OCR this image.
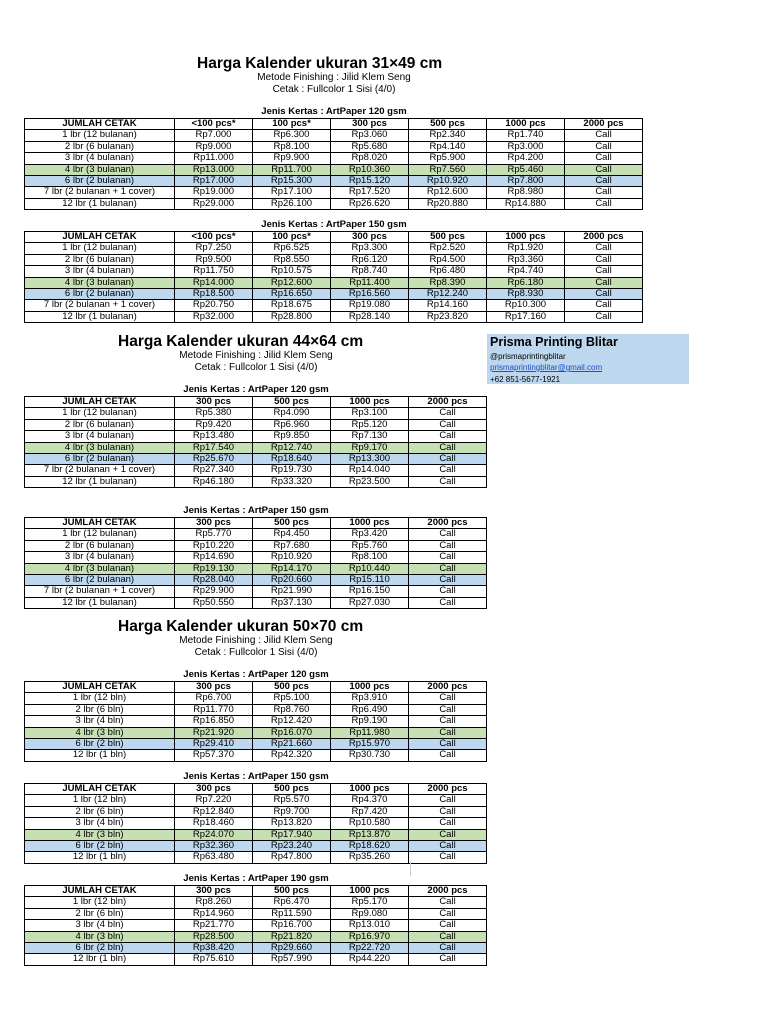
Harga Kalender ukuran 31×49 cm
Metode Finishing : Jilid Klem Seng
Cetak : Fullcolor 1 Sisi (4/0)
Jenis Kertas : ArtPaper 120 gsm
JUMLAH CETAK	<100 pcs*	100 pcs*	300 pcs	500 pcs	1000 pcs	2000 pcs
1 lbr (12 bulanan)	Rp7.000	Rp6.300	Rp3.060	Rp2.340	Rp1.740	Call
2 lbr (6 bulanan)	Rp9.000	Rp8.100	Rp5.680	Rp4.140	Rp3.000	Call
3 lbr (4 bulanan)	Rp11.000	Rp9.900	Rp8.020	Rp5.900	Rp4.200	Call
4 lbr (3 bulanan)	Rp13.000	Rp11.700	Rp10.360	Rp7.560	Rp5.460	Call
6 lbr (2 bulanan)	Rp17.000	Rp15.300	Rp15.120	Rp10.920	Rp7.800	Call
7 lbr (2 bulanan + 1 cover)	Rp19.000	Rp17.100	Rp17.520	Rp12.600	Rp8.980	Call
12 lbr (1 bulanan)	Rp29.000	Rp26.100	Rp26.620	Rp20.880	Rp14.880	Call
Jenis Kertas : ArtPaper 150 gsm
JUMLAH CETAK	<100 pcs*	100 pcs*	300 pcs	500 pcs	1000 pcs	2000 pcs
1 lbr (12 bulanan)	Rp7.250	Rp6.525	Rp3.300	Rp2.520	Rp1.920	Call
2 lbr (6 bulanan)	Rp9.500	Rp8.550	Rp6.120	Rp4.500	Rp3.360	Call
3 lbr (4 bulanan)	Rp11.750	Rp10.575	Rp8.740	Rp6.480	Rp4.740	Call
4 lbr (3 bulanan)	Rp14.000	Rp12.600	Rp11.400	Rp8.390	Rp6.180	Call
6 lbr (2 bulanan)	Rp18.500	Rp16.650	Rp16.560	Rp12.240	Rp8.930	Call
7 lbr (2 bulanan + 1 cover)	Rp20.750	Rp18.675	Rp19.080	Rp14.160	Rp10.300	Call
12 lbr (1 bulanan)	Rp32.000	Rp28.800	Rp28.140	Rp23.820	Rp17.160	Call
Harga Kalender ukuran 44×64 cm
Metode Finishing : Jilid Klem Seng
Cetak : Fullcolor 1 Sisi (4/0)
Jenis Kertas : ArtPaper 120 gsm
JUMLAH CETAK	300 pcs	500 pcs	1000 pcs	2000 pcs
1 lbr (12 bulanan)	Rp5.380	Rp4.090	Rp3.100	Call
2 lbr (6 bulanan)	Rp9.420	Rp6.960	Rp5.120	Call
3 lbr (4 bulanan)	Rp13.480	Rp9.850	Rp7.130	Call
4 lbr (3 bulanan)	Rp17.540	Rp12.740	Rp9.170	Call
6 lbr (2 bulanan)	Rp25.670	Rp18.640	Rp13.300	Call
7 lbr (2 bulanan + 1 cover)	Rp27.340	Rp19.730	Rp14.040	Call
12 lbr (1 bulanan)	Rp46.180	Rp33.320	Rp23.500	Call
Jenis Kertas : ArtPaper 150 gsm
JUMLAH CETAK	300 pcs	500 pcs	1000 pcs	2000 pcs
1 lbr (12 bulanan)	Rp5.770	Rp4.450	Rp3.420	Call
2 lbr (6 bulanan)	Rp10.220	Rp7.680	Rp5.760	Call
3 lbr (4 bulanan)	Rp14.690	Rp10.920	Rp8.100	Call
4 lbr (3 bulanan)	Rp19.130	Rp14.170	Rp10.440	Call
6 lbr (2 bulanan)	Rp28.040	Rp20.660	Rp15.110	Call
7 lbr (2 bulanan + 1 cover)	Rp29.900	Rp21.990	Rp16.150	Call
12 lbr (1 bulanan)	Rp50.550	Rp37.130	Rp27.030	Call
Prisma Printing Blitar
@prismaprintingblitar
prismaprintingblitar@gmail.com
+62 851-5677-1921
Harga Kalender ukuran 50×70 cm
Metode Finishing : Jilid Klem Seng
Cetak : Fullcolor 1 Sisi (4/0)
Jenis Kertas : ArtPaper 120 gsm
JUMLAH CETAK	300 pcs	500 pcs	1000 pcs	2000 pcs
1 lbr (12 bln)	Rp6.700	Rp5.100	Rp3.910	Call
2 lbr (6 bln)	Rp11.770	Rp8.760	Rp6.490	Call
3 lbr (4 bln)	Rp16.850	Rp12.420	Rp9.190	Call
4 lbr (3 bln)	Rp21.920	Rp16.070	Rp11.980	Call
6 lbr (2 bln)	Rp29.410	Rp21.660	Rp15.970	Call
12 lbr (1 bln)	Rp57.370	Rp42.320	Rp30.730	Call
Jenis Kertas : ArtPaper 150 gsm
JUMLAH CETAK	300 pcs	500 pcs	1000 pcs	2000 pcs
1 lbr (12 bln)	Rp7.220	Rp5.570	Rp4.370	Call
2 lbr (6 bln)	Rp12.840	Rp9.700	Rp7.420	Call
3 lbr (4 bln)	Rp18.460	Rp13.820	Rp10.580	Call
4 lbr (3 bln)	Rp24.070	Rp17.940	Rp13.870	Call
6 lbr (2 bln)	Rp32.360	Rp23.240	Rp18.620	Call
12 lbr (1 bln)	Rp63.480	Rp47.800	Rp35.260	Call
Jenis Kertas : ArtPaper 190 gsm
JUMLAH CETAK	300 pcs	500 pcs	1000 pcs	2000 pcs
1 lbr (12 bln)	Rp8.260	Rp6.470	Rp5.170	Call
2 lbr (6 bln)	Rp14.960	Rp11.590	Rp9.080	Call
3 lbr (4 bln)	Rp21.770	Rp16.700	Rp13.010	Call
4 lbr (3 bln)	Rp28.500	Rp21.820	Rp16.970	Call
6 lbr (2 bln)	Rp38.420	Rp29.660	Rp22.720	Call
12 lbr (1 bln)	Rp75.610	Rp57.990	Rp44.220	Call
